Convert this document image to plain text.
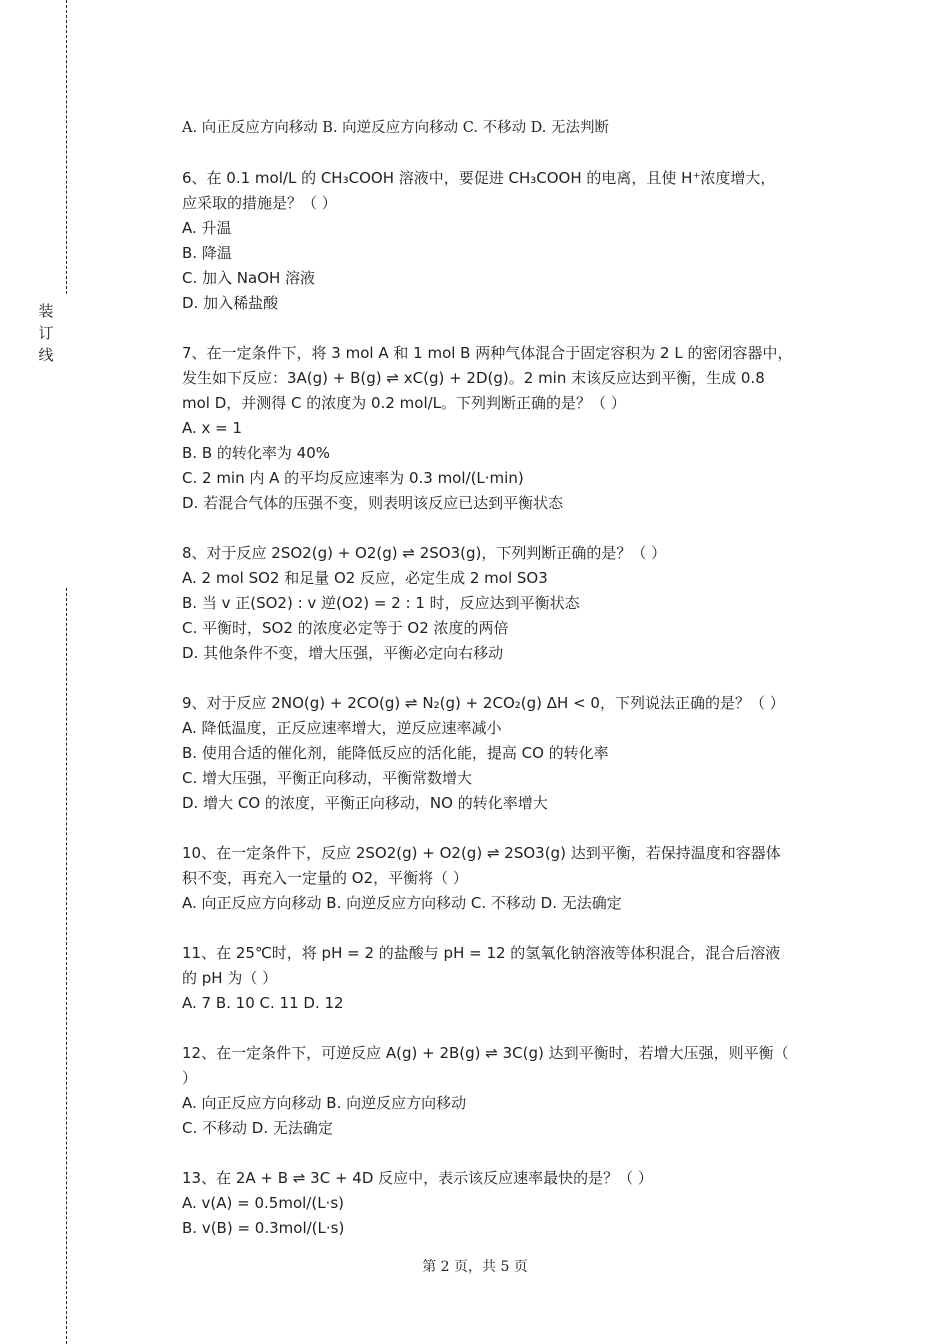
装
订
线
A. 向正反应方向移动 B. 向逆反应方向移动 C. 不移动 D. 无法判断
6、在 0.1 mol/L 的 CH₃COOH 溶液中，要促进 CH₃COOH 的电离，且使 H⁺浓度增大，
应采取的措施是？（ ）
A. 升温
B. 降温
C. 加入 NaOH 溶液
D. 加入稀盐酸
7、在一定条件下，将 3 mol A 和 1 mol B 两种气体混合于固定容积为 2 L 的密闭容器中，
发生如下反应：3A(g) + B(g) ⇌ xC(g) + 2D(g)。2 min 末该反应达到平衡，生成 0.8
mol D，并测得 C 的浓度为 0.2 mol/L。下列判断正确的是？（ ）
A. x = 1
B. B 的转化率为 40%
C. 2 min 内 A 的平均反应速率为 0.3 mol/(L·min)
D. 若混合气体的压强不变，则表明该反应已达到平衡状态
8、对于反应 2SO2(g) + O2(g) ⇌ 2SO3(g)，下列判断正确的是？（ ）
A. 2 mol SO2 和足量 O2 反应，必定生成 2 mol SO3
B. 当 v 正(SO2) : v 逆(O2) = 2 : 1 时，反应达到平衡状态
C. 平衡时，SO2 的浓度必定等于 O2 浓度的两倍
D. 其他条件不变，增大压强，平衡必定向右移动
9、对于反应 2NO(g) + 2CO(g) ⇌ N₂(g) + 2CO₂(g) ΔH < 0，下列说法正确的是？（ ）
A. 降低温度，正反应速率增大，逆反应速率减小
B. 使用合适的催化剂，能降低反应的活化能，提高 CO 的转化率
C. 增大压强，平衡正向移动，平衡常数增大
D. 增大 CO 的浓度，平衡正向移动，NO 的转化率增大
10、在一定条件下，反应 2SO2(g) + O2(g) ⇌ 2SO3(g) 达到平衡，若保持温度和容器体
积不变，再充入一定量的 O2，平衡将（ ）
A. 向正反应方向移动 B. 向逆反应方向移动 C. 不移动 D. 无法确定
11、在 25℃时，将 pH = 2 的盐酸与 pH = 12 的氢氧化钠溶液等体积混合，混合后溶液
的 pH 为（ ）
A. 7 B. 10 C. 11 D. 12
12、在一定条件下，可逆反应 A(g) + 2B(g) ⇌ 3C(g) 达到平衡时，若增大压强，则平衡（
）
A. 向正反应方向移动 B. 向逆反应方向移动
C. 不移动 D. 无法确定
13、在 2A + B ⇌ 3C + 4D 反应中，表示该反应速率最快的是？（ ）
A. v(A) = 0.5mol/(L·s)
B. v(B) = 0.3mol/(L·s)
第 2 页，共 5 页
